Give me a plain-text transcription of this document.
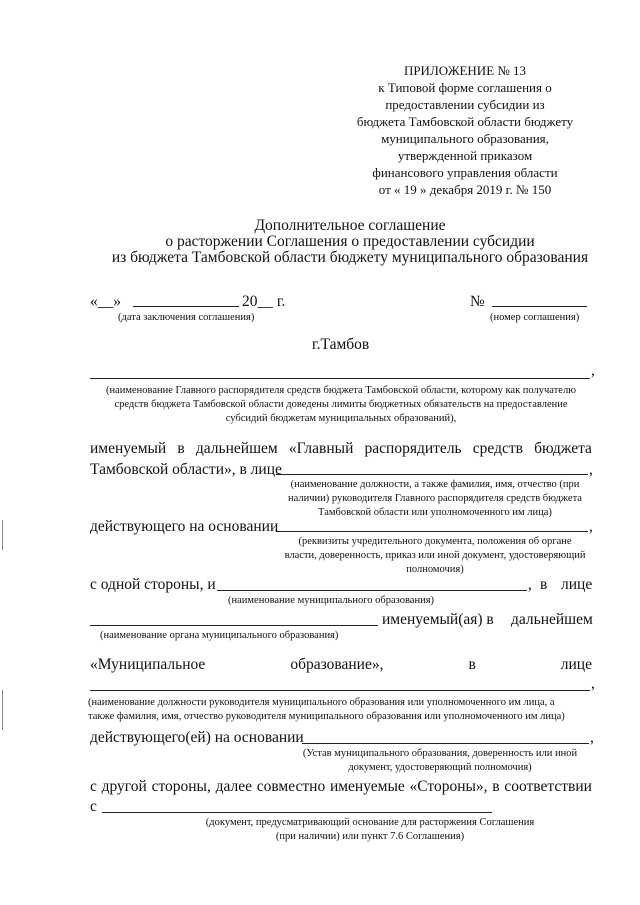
ПРИЛОЖЕНИЕ № 13
к Типовой форме соглашения о
предоставлении субсидии из
бюджета Тамбовской области бюджету
муниципального образования,
утвержденной приказом
финансового управления области
от « 19 » декабря 2019 г. № 150
Дополнительное соглашение
о расторжении Соглашения о предоставлении субсидии
из бюджета Тамбовской области бюджету муниципального образования
«__»	20__ г.
(дата заключения соглашения)
№
(номер соглашения)
г.Тамбов
,
(наименование Главного распорядителя средств бюджета Тамбовской области, которому как получателю
средств бюджета Тамбовской области доведены лимиты бюджетных обязательств на предоставление
субсидий бюджетам муниципальных образований),
именуемый в дальнейшем «Главный распорядитель средств бюджета
Тамбовской области», в лице	,
(наименование должности, а также фамилия, имя, отчество (при
наличии) руководителя Главного распорядителя средств бюджета
Тамбовской области или уполномоченного им лица)
действующего на основании	,
(реквизиты учредительного документа, положения об органе
власти, доверенность, приказ или иной документ, удостоверяющий
полномочия)
с одной стороны, и	, в лице
(наименование муниципального образования)
именуемый(ая) в дальнейшем
(наименование органа муниципального образования)
«Муниципальное	образование»,	в	лице
,
(наименование должности руководителя муниципального образования или уполномоченного им лица, а
также фамилия, имя, отчество руководителя муниципального образования или уполномоченного им лица)
действующего(ей) на основании	,
(Устав муниципального образования, доверенность или иной
документ, удостоверяющий полномочия)
с другой стороны, далее совместно именуемые «Стороны», в соответствии
с
(документ, предусматривающий основание для расторжения Соглашения
(при наличии) или пункт 7.6 Соглашения)
